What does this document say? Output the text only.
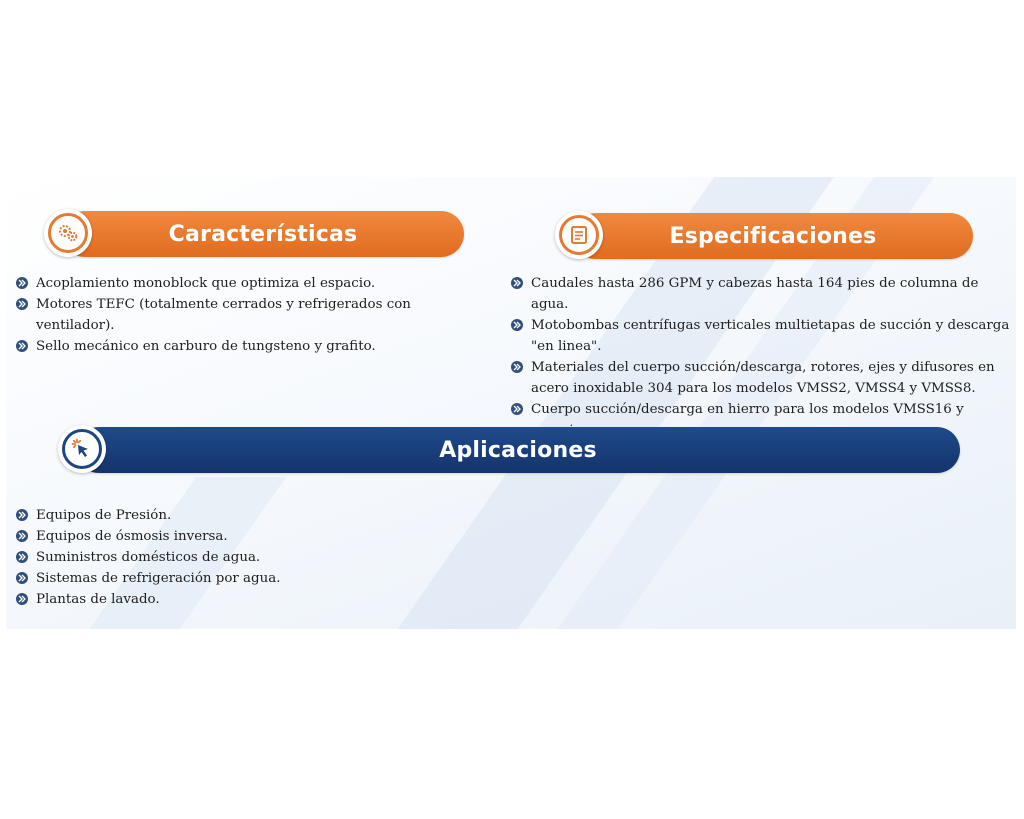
Características
Acoplamiento monoblock que optimiza el espacio.
Motores TEFC (totalmente cerrados y refrigerados con ventilador).
Sello mecánico en carburo de tungsteno y grafito.
Especificaciones
Caudales hasta 286 GPM y cabezas hasta 164 pies de columna de agua.
Motobombas centrífugas verticales multietapas de succión y descarga "en linea".
Materiales del cuerpo succión/descarga, rotores, ejes y difusores en acero inoxidable 304 para los modelos VMSS2, VMSS4 y VMSS8.
Cuerpo succión/descarga en hierro para los modelos VMSS16 y
Aplicaciones
Equipos de Presión.
Equipos de ósmosis inversa.
Suministros domésticos de agua.
Sistemas de refrigeración por agua.
Plantas de lavado.
